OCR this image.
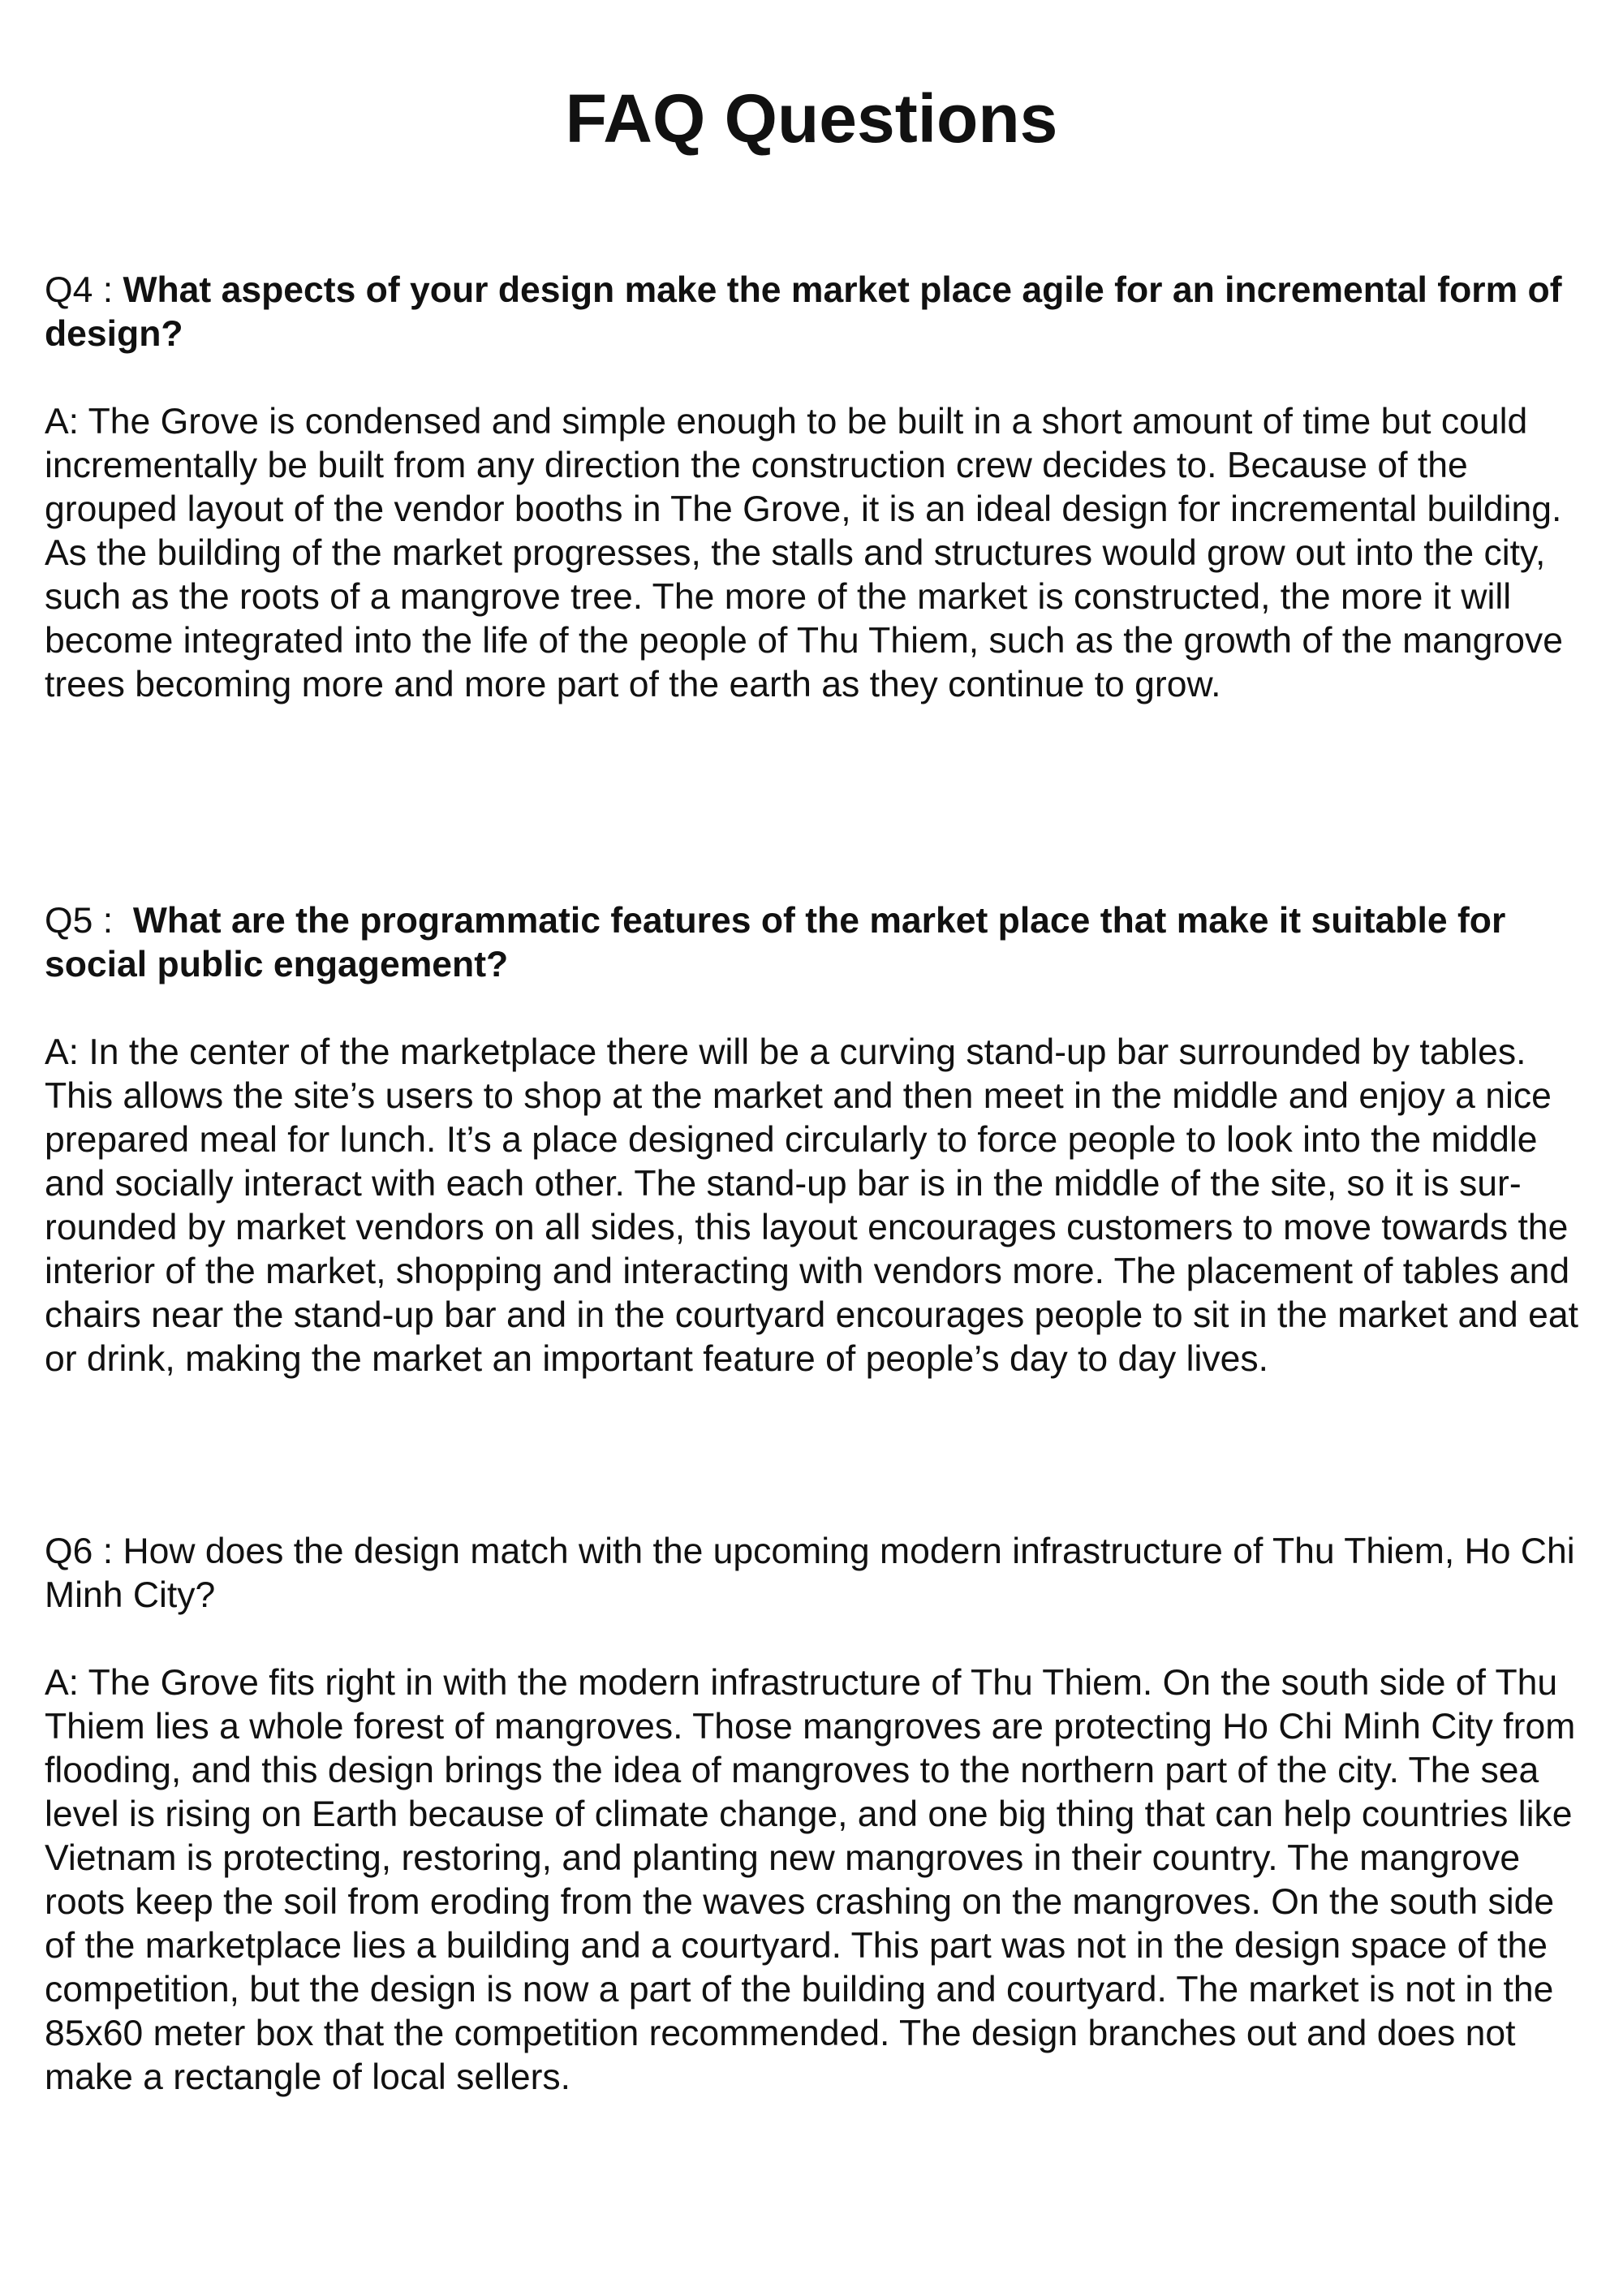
FAQ Questions

Q4 : What aspects of your design make the market place agile for an incremental form of design?

A: The Grove is condensed and simple enough to be built in a short amount of time but could incrementally be built from any direction the construction crew decides to. Because of the grouped layout of the vendor booths in The Grove, it is an ideal design for incremental building. As the building of the market progresses, the stalls and structures would grow out into the city, such as the roots of a mangrove tree. The more of the market is constructed, the more it will become integrated into the life of the people of Thu Thiem, such as the growth of the mangrove trees becoming more and more part of the earth as they continue to grow.

Q5 :  What are the programmatic features of the market place that make it suitable for social public engagement?

A: In the center of the marketplace there will be a curving stand-up bar surrounded by tables. This allows the site’s users to shop at the market and then meet in the middle and enjoy a nice prepared meal for lunch. It’s a place designed circularly to force people to look into the middle and socially interact with each other. The stand-up bar is in the middle of the site, so it is sur-rounded by market vendors on all sides, this layout encourages customers to move towards the interior of the market, shopping and interacting with vendors more. The placement of tables and chairs near the stand-up bar and in the courtyard encourages people to sit in the market and eat or drink, making the market an important feature of people’s day to day lives.

Q6 : How does the design match with the upcoming modern infrastructure of Thu Thiem, Ho Chi Minh City?

A: The Grove fits right in with the modern infrastructure of Thu Thiem. On the south side of Thu Thiem lies a whole forest of mangroves. Those mangroves are protecting Ho Chi Minh City from flooding, and this design brings the idea of mangroves to the northern part of the city. The sea level is rising on Earth because of climate change, and one big thing that can help countries like Vietnam is protecting, restoring, and planting new mangroves in their country. The mangrove roots keep the soil from eroding from the waves crashing on the mangroves. On the south side of the marketplace lies a building and a courtyard. This part was not in the design space of the competition, but the design is now a part of the building and courtyard. The market is not in the 85x60 meter box that the competition recommended. The design branches out and does not make a rectangle of local sellers.
